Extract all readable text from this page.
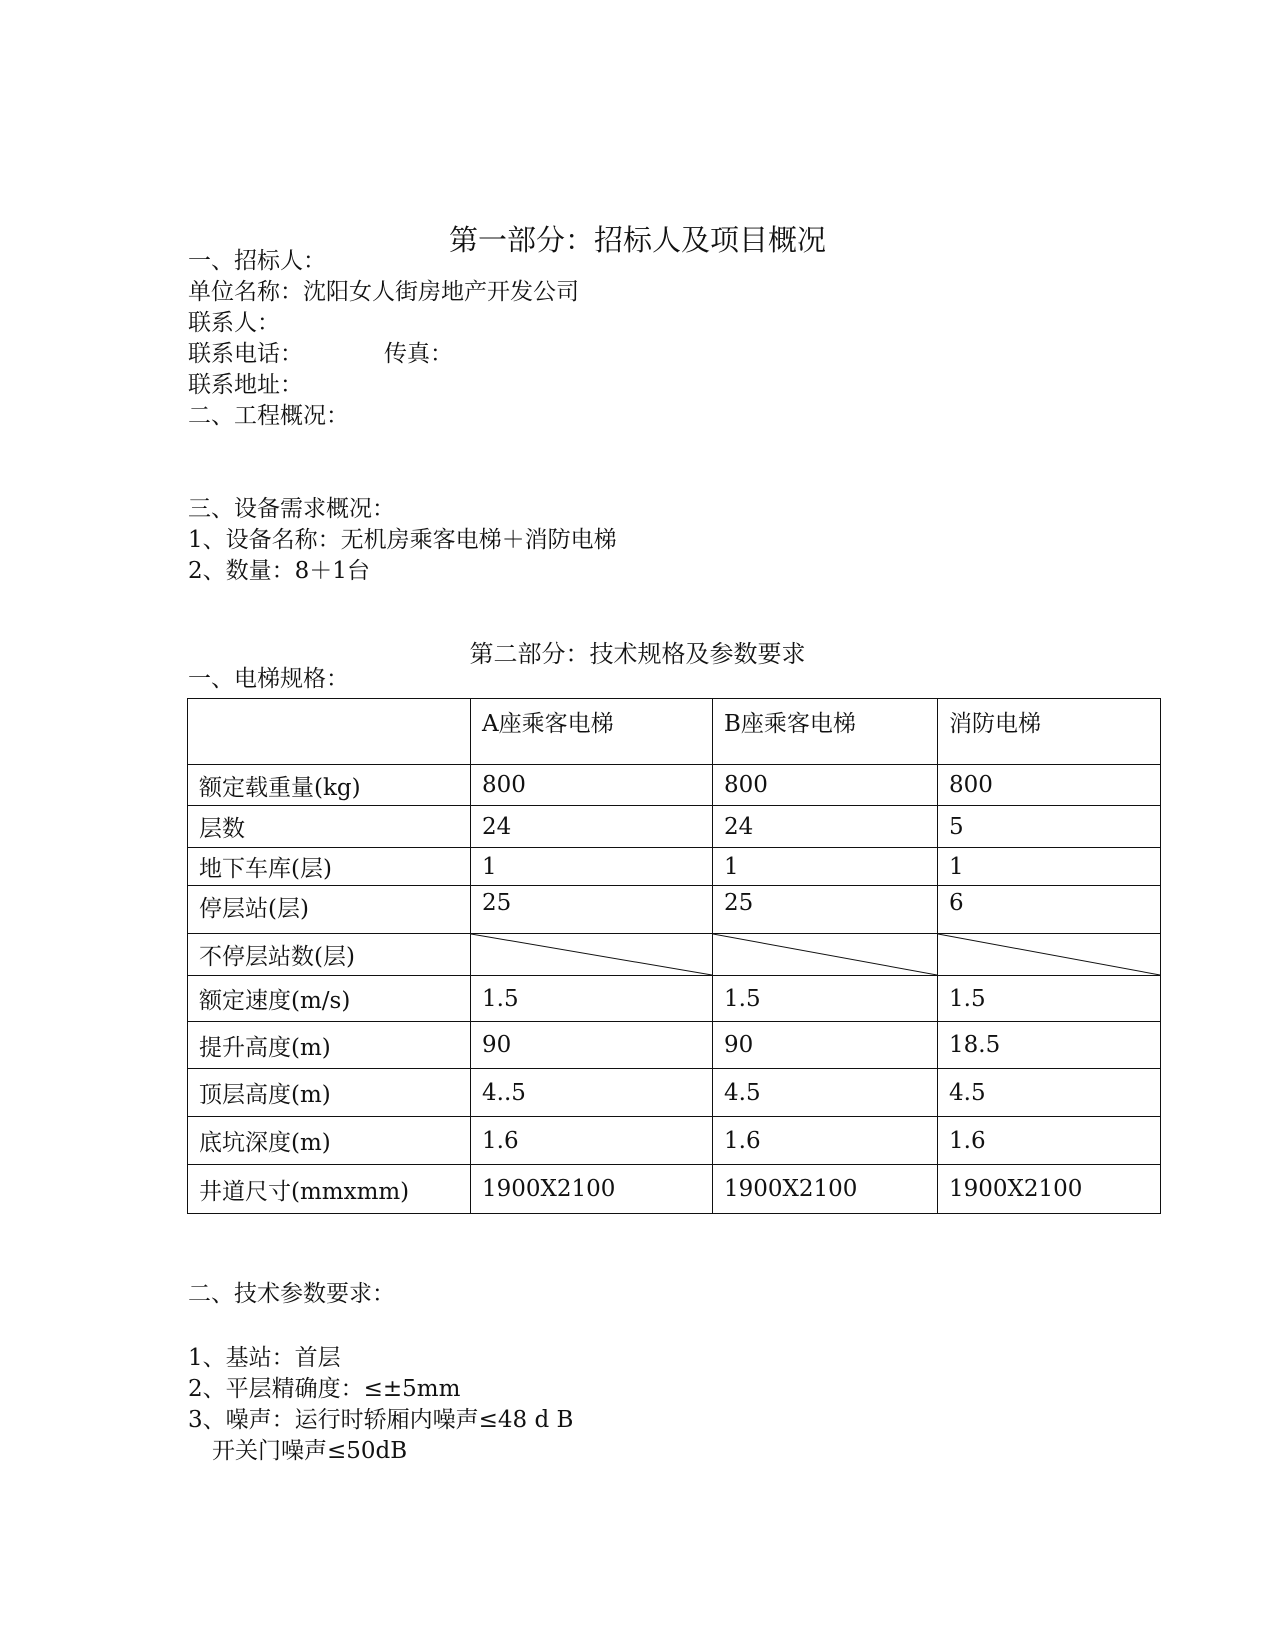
第一部分：招标人及项目概况
一、招标人：
单位名称：沈阳女人街房地产开发公司
联系人：
联系电话：	传真：
联系地址：
二、工程概况：
三、设备需求概况：
1、设备名称：无机房乘客电梯＋消防电梯
2、数量：8＋1台
第二部分：技术规格及参数要求
一、电梯规格：
	A座乘客电梯	B座乘客电梯	消防电梯
额定载重量(kg)	800	800	800
层数	24	24	5
地下车库(层)	1	1	1
停层站(层)	25	25	6
不停层站数(层)	

额定速度(m/s)	1.5	1.5	1.5
提升高度(m)	90	90	18.5
顶层高度(m)	4..5	4.5	4.5
底坑深度(m)	1.6	1.6	1.6
井道尺寸(mmxmm)	1900X2100	1900X2100	1900X2100
二、技术参数要求：
1、基站：首层
2、平层精确度：≤±5mm
3、噪声：运行时轿厢内噪声≤48 d B
开关门噪声≤50dB
